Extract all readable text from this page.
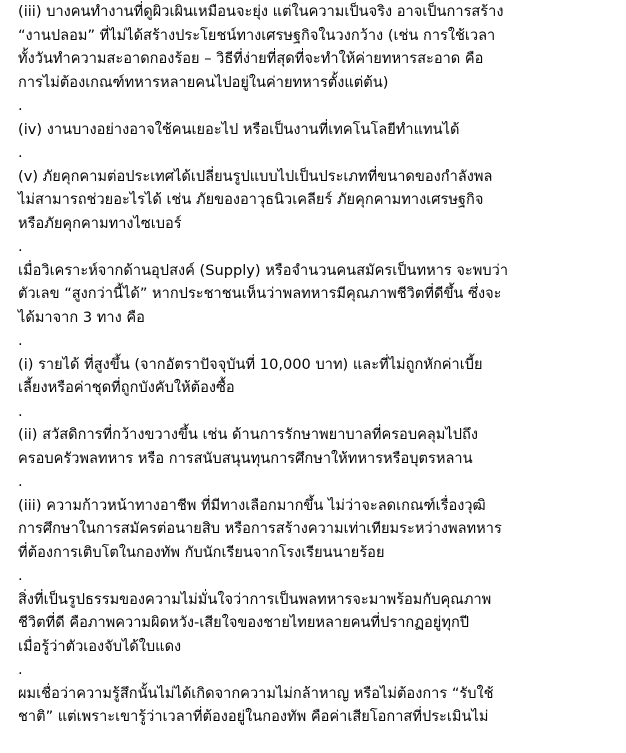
(iii) บางคนทำงานที่ดูผิวเผินเหมือนจะยุ่ง แต่ในความเป็นจริง อาจเป็นการสร้าง
“งานปลอม” ที่ไม่ได้สร้างประโยชน์ทางเศรษฐกิจในวงกว้าง (เช่น การใช้เวลา
ทั้งวันทำความสะอาดกองร้อย – วิธีที่ง่ายที่สุดที่จะทำให้ค่ายทหารสะอาด คือ
การไม่ต้องเกณฑ์ทหารหลายคนไปอยู่ในค่ายทหารตั้งแต่ต้น)

.

(iv) งานบางอย่างอาจใช้คนเยอะไป หรือเป็นงานที่เทคโนโลยีทำแทนได้

.

(v) ภัยคุกคามต่อประเทศได้เปลี่ยนรูปแบบไปเป็นประเภทที่ขนาดของกำลังพล
ไม่สามารถช่วยอะไรได้ เช่น ภัยของอาวุธนิวเคลียร์ ภัยคุกคามทางเศรษฐกิจ
หรือภัยคุกคามทางไซเบอร์

.

เมื่อวิเคราะห์จากด้านอุปสงค์ (Supply) หรือจำนวนคนสมัครเป็นทหาร จะพบว่า
ตัวเลข “สูงกว่านี้ได้” หากประชาชนเห็นว่าพลทหารมีคุณภาพชีวิตที่ดีขึ้น ซึ่งจะ
ได้มาจาก 3 ทาง คือ

.

(i) รายได้ ที่สูงขึ้น (จากอัตราปัจจุบันที่ 10,000 บาท) และที่ไม่ถูกหักค่าเบี้ย
เลี้ยงหรือค่าชุดที่ถูกบังคับให้ต้องซื้อ

.

(ii) สวัสดิการที่กว้างขวางขึ้น เช่น ด้านการรักษาพยาบาลที่ครอบคลุมไปถึง
ครอบครัวพลทหาร หรือ การสนับสนุนทุนการศึกษาให้ทหารหรือบุตรหลาน

.

(iii) ความก้าวหน้าทางอาชีพ ที่มีทางเลือกมากขึ้น ไม่ว่าจะลดเกณฑ์เรื่องวุฒิ
การศึกษาในการสมัครต่อนายสิบ หรือการสร้างความเท่าเทียมระหว่างพลทหาร
ที่ต้องการเติบโตในกองทัพ กับนักเรียนจากโรงเรียนนายร้อย

.

สิ่งที่เป็นรูปธรรมของความไม่มั่นใจว่าการเป็นพลทหารจะมาพร้อมกับคุณภาพ
ชีวิตที่ดี คือภาพความผิดหวัง-เสียใจของชายไทยหลายคนที่ปรากฏอยู่ทุกปี
เมื่อรู้ว่าตัวเองจับได้ใบแดง

.

ผมเชื่อว่าความรู้สึกนั้นไม่ได้เกิดจากความไม่กล้าหาญ หรือไม่ต้องการ “รับใช้
ชาติ” แต่เพราะเขารู้ว่าเวลาที่ต้องอยู่ในกองทัพ คือค่าเสียโอกาสที่ประเมินไม่
